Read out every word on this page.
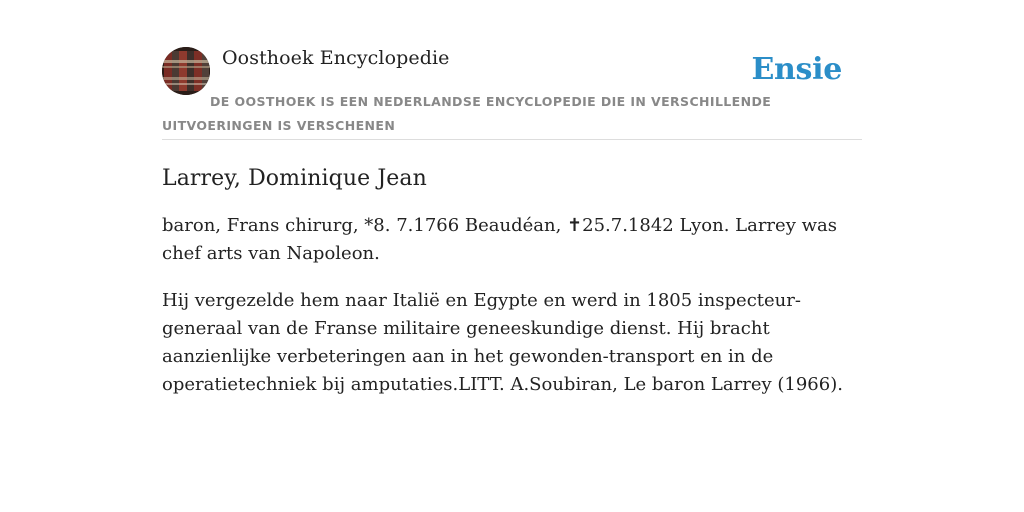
Oosthoek Encyclopedie	Ensie
DE OOSTHOEK IS EEN NEDERLANDSE ENCYCLOPEDIE DIE IN VERSCHILLENDE UITVOERINGEN IS VERSCHENEN
Larrey, Dominique Jean

baron, Frans chirurg, *8. 7.1766 Beaudéan, ✝25.7.1842 Lyon. Larrey was chef arts van Napoleon.

Hij vergezelde hem naar Italië en Egypte en werd in 1805 inspecteur-generaal van de Franse militaire geneeskundige dienst. Hij bracht aanzienlijke verbeteringen aan in het gewonden-transport en in de operatietechniek bij amputaties.LITT. A.Soubiran, Le baron Larrey (1966).
